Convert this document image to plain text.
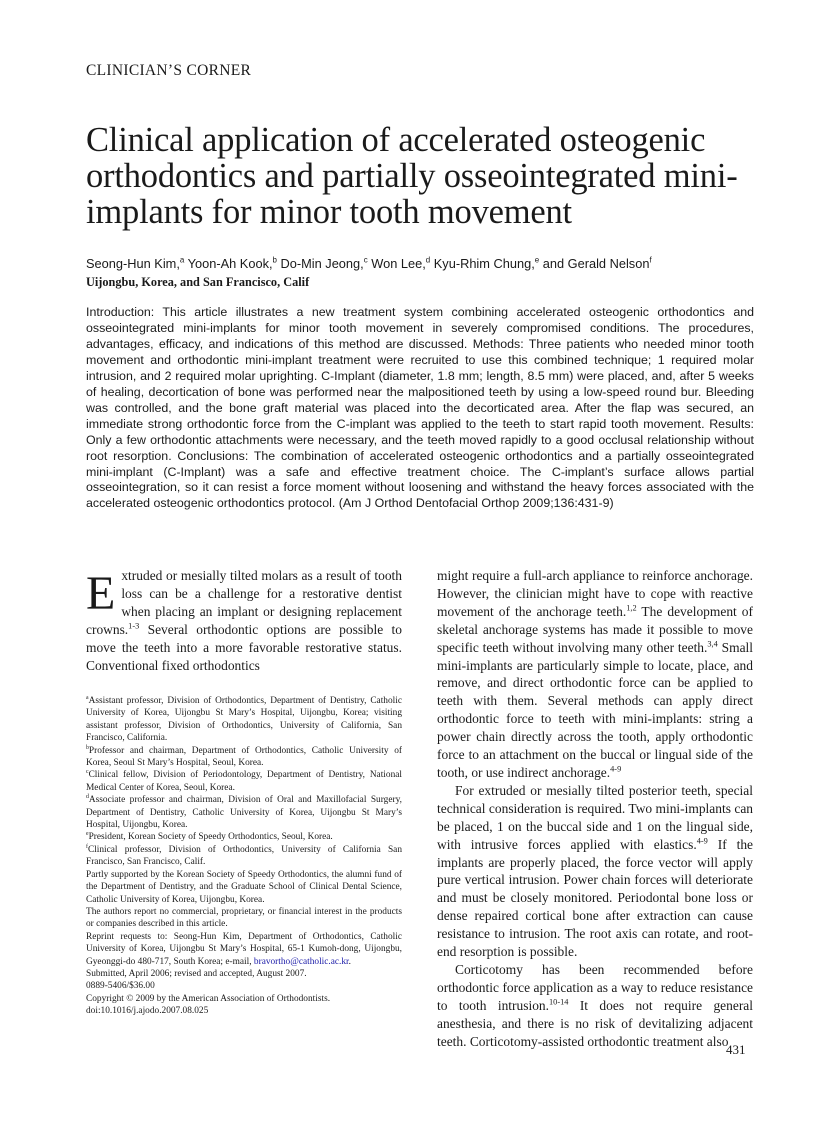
CLINICIAN’S CORNER
Clinical application of accelerated osteogenic orthodontics and partially osseointegrated mini-implants for minor tooth movement
Seong-Hun Kim,$^a$ Yoon-Ah Kook,$^b$ Do-Min Jeong,$^c$ Won Lee,$^d$ Kyu-Rhim Chung,$^e$ and Gerald Nelson$^f$
Uijongbu, Korea, and San Francisco, Calif

Introduction: This article illustrates a new treatment system combining accelerated osteogenic orthodontics and osseointegrated mini-implants for minor tooth movement in severely compromised conditions. The procedures, advantages, efficacy, and indications of this method are discussed. Methods: Three patients who needed minor tooth movement and orthodontic mini-implant treatment were recruited to use this combined technique; 1 required molar intrusion, and 2 required molar uprighting. C-Implant (diameter, 1.8 mm; length, 8.5 mm) were placed, and, after 5 weeks of healing, decortication of bone was performed near the malpositioned teeth by using a low-speed round bur. Bleeding was controlled, and the bone graft material was placed into the decorticated area. After the flap was secured, an immediate strong orthodontic force from the C-implant was applied to the teeth to start rapid tooth movement. Results: Only a few orthodontic attachments were necessary, and the teeth moved rapidly to a good occlusal relationship without root resorption. Conclusions: The combination of accelerated osteogenic orthodontics and a partially osseointegrated mini-implant (C-Implant) was a safe and effective treatment choice. The C-implant’s surface allows partial osseointegration, so it can resist a force moment without loosening and withstand the heavy forces associated with the accelerated osteogenic orthodontics protocol. (Am J Orthod Dentofacial Orthop 2009;136:431-9)

Extruded or mesially tilted molars as a result of tooth loss can be a challenge for a restorative dentist when placing an implant or designing replacement crowns.$^{1-3}$ Several orthodontic options are possible to move the teeth into a more favorable restorative status. Conventional fixed orthodontics

$^a$Assistant professor, Division of Orthodontics, Department of Dentistry, Catholic University of Korea, Uijongbu St Mary’s Hospital, Uijongbu, Korea; visiting assistant professor, Division of Orthodontics, University of California, San Francisco, California.

$^b$Professor and chairman, Department of Orthodontics, Catholic University of Korea, Seoul St Mary’s Hospital, Seoul, Korea.

$^c$Clinical fellow, Division of Periodontology, Department of Dentistry, National Medical Center of Korea, Seoul, Korea.

$^d$Associate professor and chairman, Division of Oral and Maxillofacial Surgery, Department of Dentistry, Catholic University of Korea, Uijongbu St Mary’s Hospital, Uijongbu, Korea.

$^e$President, Korean Society of Speedy Orthodontics, Seoul, Korea.

$^f$Clinical professor, Division of Orthodontics, University of California San Francisco, San Francisco, Calif.

Partly supported by the Korean Society of Speedy Orthodontics, the alumni fund of the Department of Dentistry, and the Graduate School of Clinical Dental Science, Catholic University of Korea, Uijongbu, Korea.

The authors report no commercial, proprietary, or financial interest in the products or companies described in this article.

Reprint requests to: Seong-Hun Kim, Department of Orthodontics, Catholic University of Korea, Uijongbu St Mary’s Hospital, 65-1 Kumoh-dong, Uijongbu, Gyeonggi-do 480-717, South Korea; e-mail, bravortho@catholic.ac.kr.

Submitted, April 2006; revised and accepted, August 2007.

0889-5406/$36.00

Copyright © 2009 by the American Association of Orthodontists.

doi:10.1016/j.ajodo.2007.08.025

might require a full-arch appliance to reinforce anchorage. However, the clinician might have to cope with reactive movement of the anchorage teeth.$^{1,2}$ The development of skeletal anchorage systems has made it possible to move specific teeth without involving many other teeth.$^{3,4}$ Small mini-implants are particularly simple to locate, place, and remove, and direct orthodontic force can be applied to teeth with them. Several methods can apply direct orthodontic force to teeth with mini-implants: string a power chain directly across the tooth, apply orthodontic force to an attachment on the buccal or lingual side of the tooth, or use indirect anchorage.$^{4-9}$

For extruded or mesially tilted posterior teeth, special technical consideration is required. Two mini-implants can be placed, 1 on the buccal side and 1 on the lingual side, with intrusive forces applied with elastics.$^{4-9}$ If the implants are properly placed, the force vector will apply pure vertical intrusion. Power chain forces will deteriorate and must be closely monitored. Periodontal bone loss or dense repaired cortical bone after extraction can cause resistance to intrusion. The root axis can rotate, and root-end resorption is possible.

Corticotomy has been recommended before orthodontic force application as a way to reduce resistance to tooth intrusion.$^{10-14}$ It does not require general anesthesia, and there is no risk of devitalizing adjacent teeth. Corticotomy-assisted orthodontic treatment also

431
